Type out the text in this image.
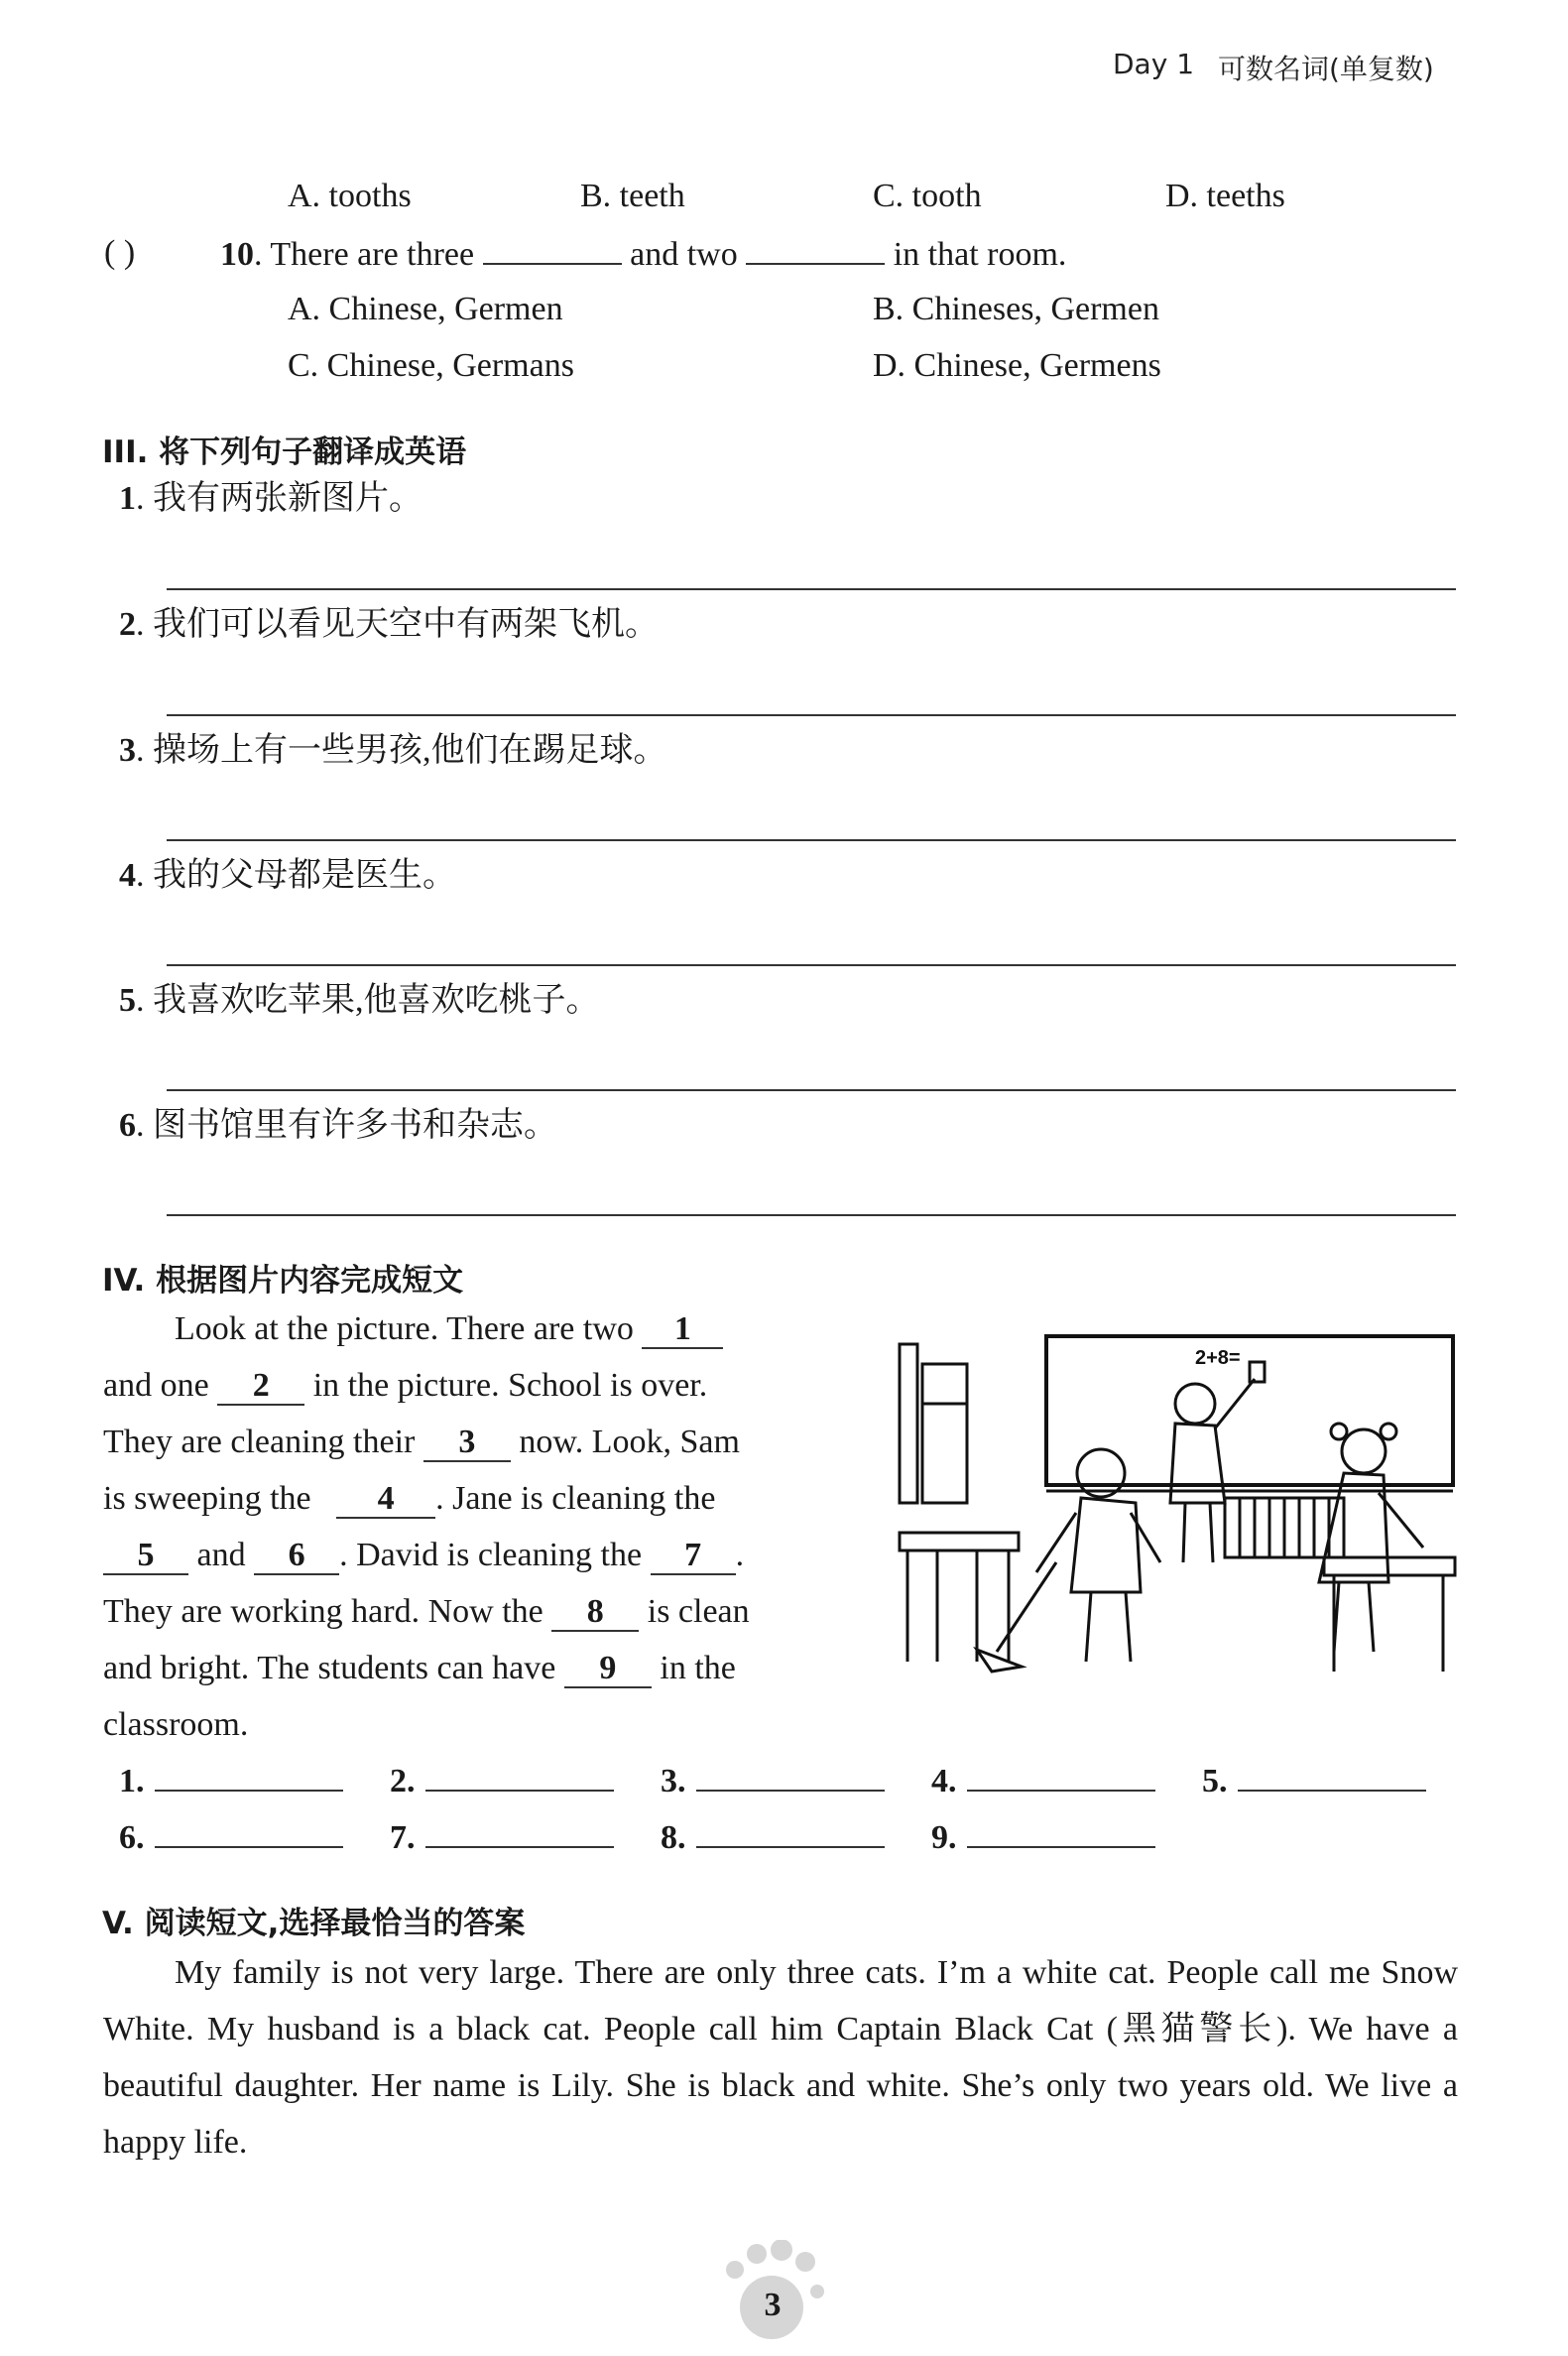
Day 1 可数名词(单复数)
A. tooths	B. teeth	C. tooth	D. teeths
( )	10. There are three	and two	in that room.
A. Chinese, Germen	B. Chineses, Germen
C. Chinese, Germans	D. Chinese, Germens
III. 将下列句子翻译成英语
1. 我有两张新图片。
2. 我们可以看见天空中有两架飞机。
3. 操场上有一些男孩,他们在踢足球。
4. 我的父母都是医生。
5. 我喜欢吃苹果,他喜欢吃桃子。
6. 图书馆里有许多书和杂志。
IV. 根据图片内容完成短文
Look at the picture. There are two 1
and one 2 in the picture. School is over.
They are cleaning their 3 now. Look, Sam
is sweeping the 4 . Jane is cleaning the
5 and 6 . David is cleaning the 7 .
They are working hard. Now the 8 is clean
and bright. The students can have 9 in the
classroom.
2+8=
1.	2.	3.	4.	5.
6.	7.	8.	9.
V. 阅读短文,选择最恰当的答案
My family is not very large. There are only three cats. I’m a white cat. People call me Snow White. My husband is a black cat. People call him Captain Black Cat (黑猫警长). We have a beautiful daughter. Her name is Lily. She is black and white. She’s only two years old. We live a happy life.
3
